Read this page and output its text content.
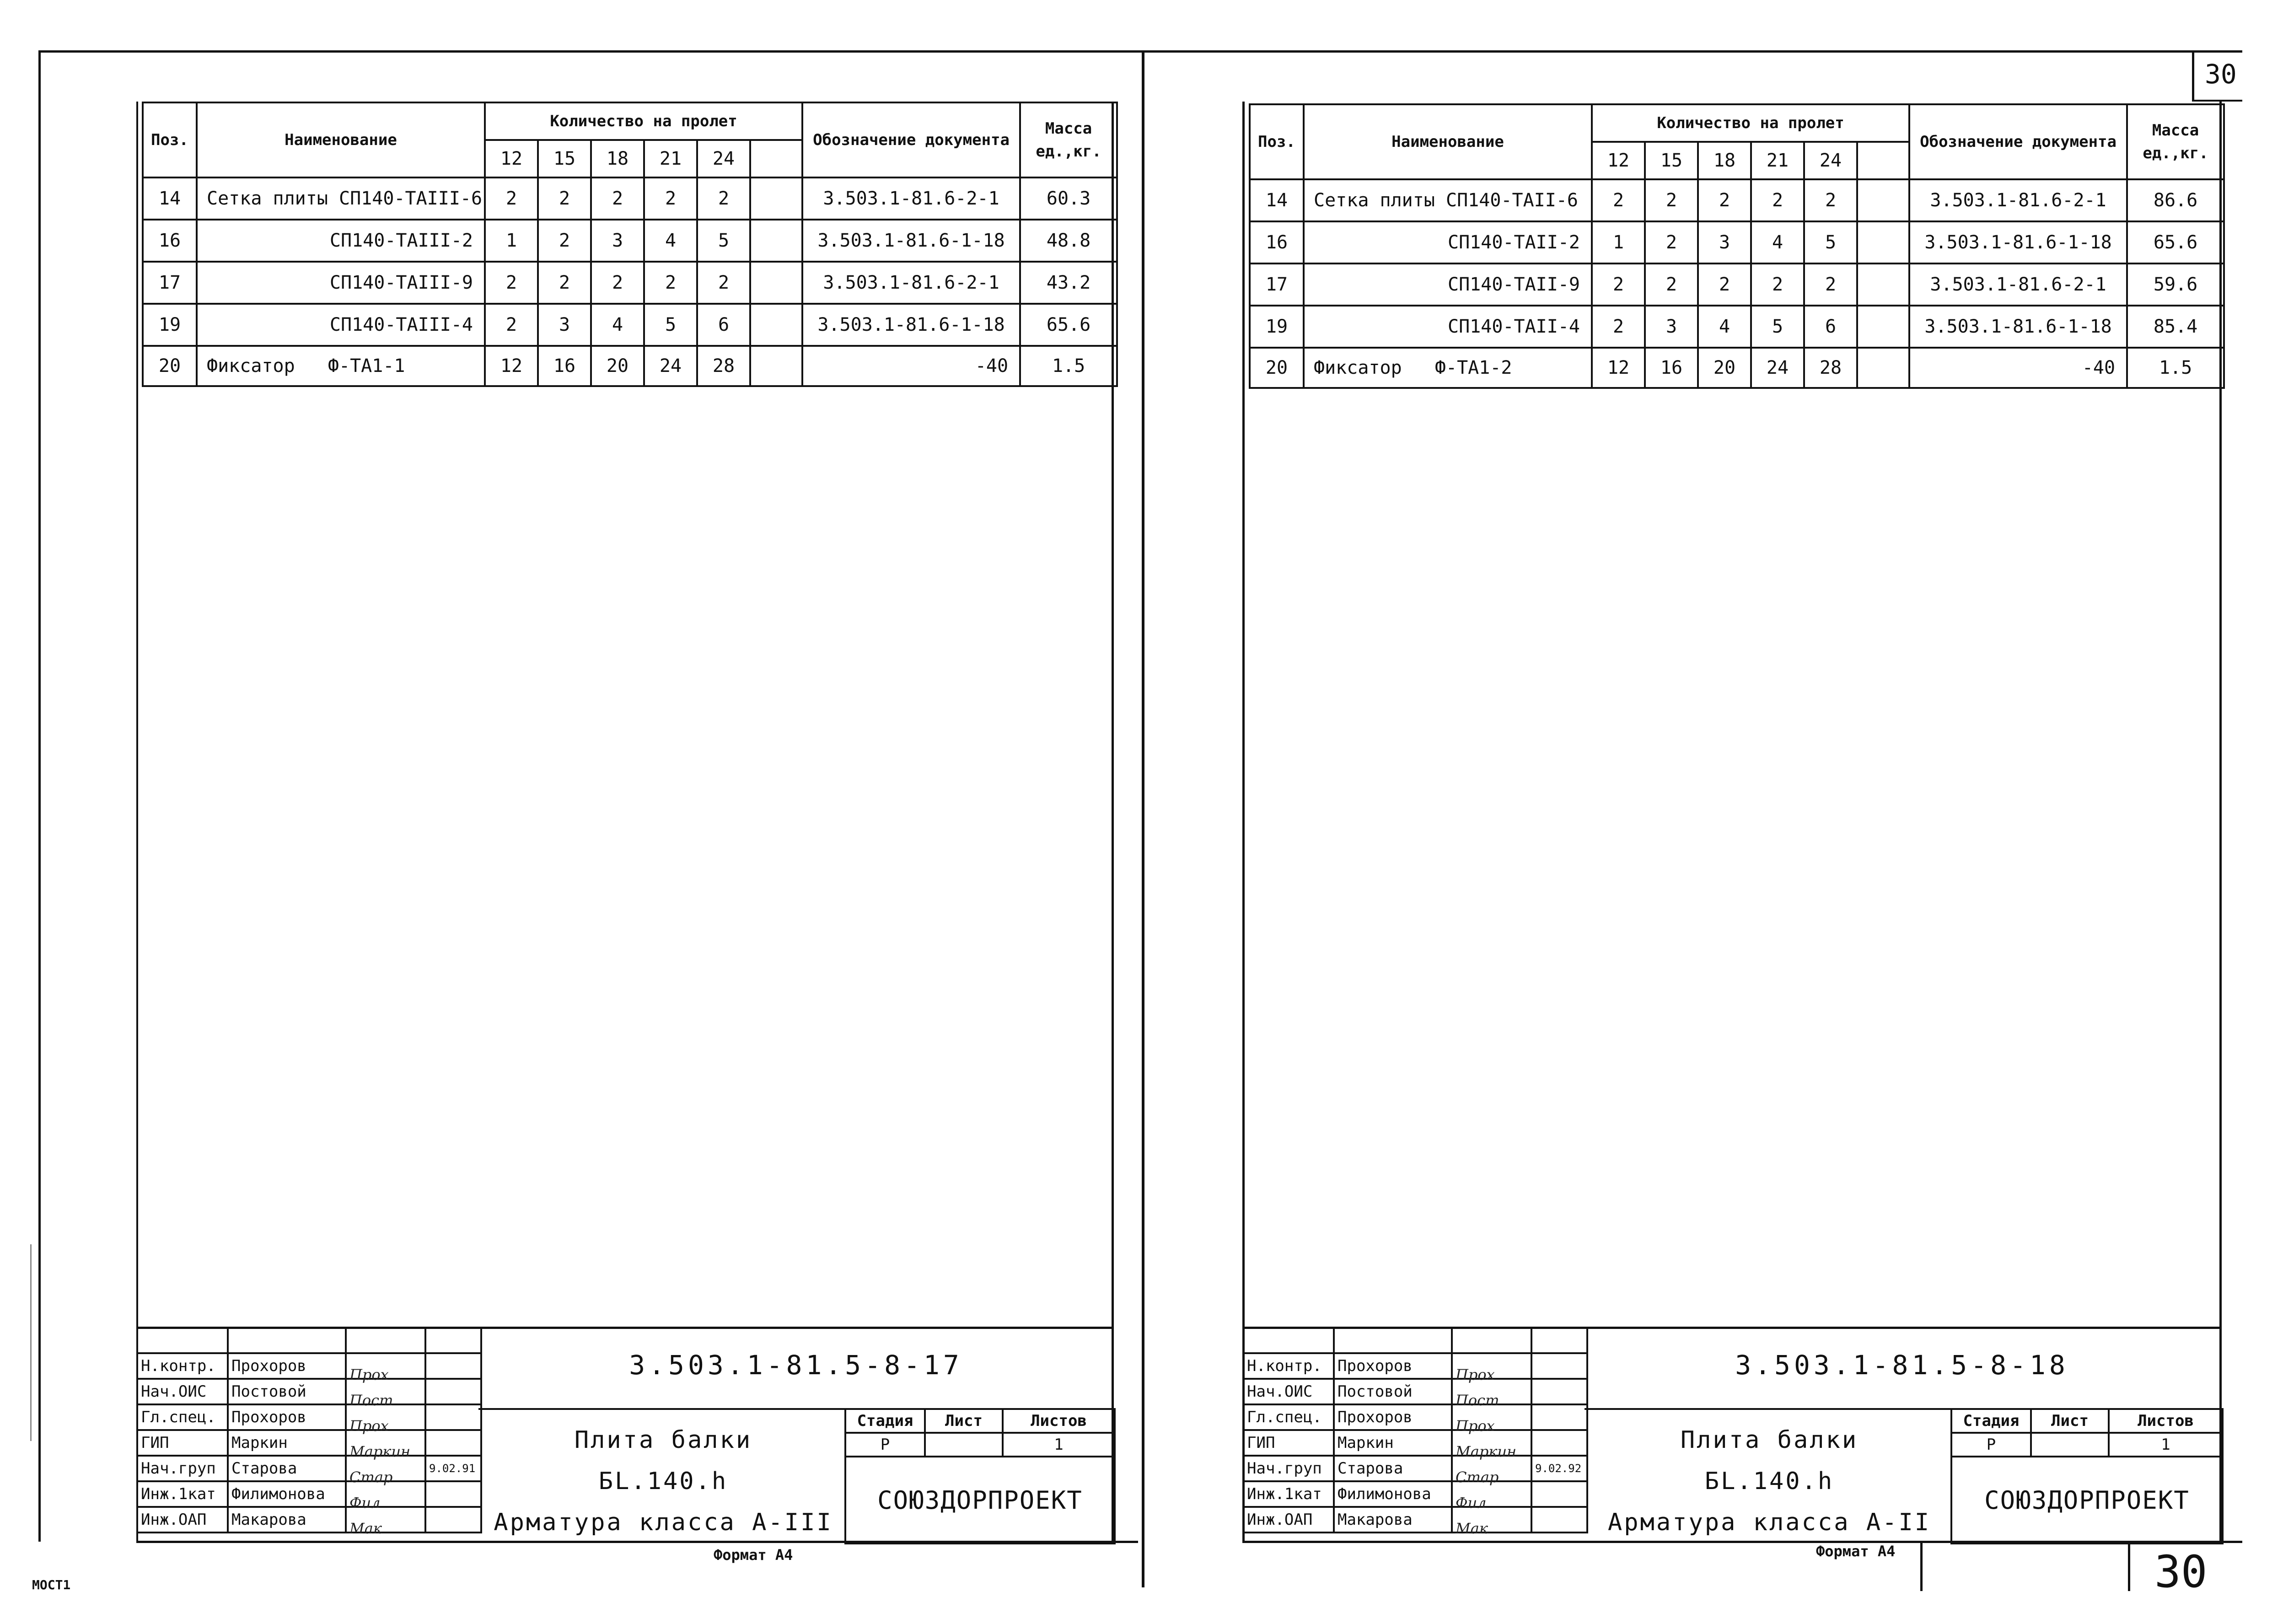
Поз.	Наименование	Количество на пролет						Обозначение документа	Масса ед.,кг.
		12	15	18	21	24			
14	Сетка плиты СП140-ТАIII-6	2	2	2	2	2		3.503.1-81.6-2-1	60.3
16	СП140-ТАIII-2	1	2	3	4	5		3.503.1-81.6-1-18	48.8
17	СП140-ТАIII-9	2	2	2	2	2		3.503.1-81.6-2-1	43.2
19	СП140-ТАIII-4	2	3	4	5	6		3.503.1-81.6-1-18	65.6
20	Фиксатор Ф-ТА1-1	12	16	20	24	28		-40	1.5

Н.контр.	Прохоров	Прох	

Нач.ОИС	Постовой	Пост	

Гл.спец.	Прохоров	Прох	

ГИП	Маркин	Маркин	

Нач.груп	Старова	Стар	9.02.91
Инж.1кат	Филимонова	Фил	

Инж.ОАП	Макарова	Мак	

3.503.1-81.5-8-17
Плита балки
БL.140.h
Арматура класса А-III
Стадия	Лист	Листов
Р		1
СОЮЗДОРПРОЕКТ		
Формат А4
МОСТ1
30
Поз.	Наименование	Количество на пролет						Обозначение документа	Масса ед.,кг.
		12	15	18	21	24			
14	Сетка плиты СП140-ТАII-6	2	2	2	2	2		3.503.1-81.6-2-1	86.6
16	СП140-ТАII-2	1	2	3	4	5		3.503.1-81.6-1-18	65.6
17	СП140-ТАII-9	2	2	2	2	2		3.503.1-81.6-2-1	59.6
19	СП140-ТАII-4	2	3	4	5	6		3.503.1-81.6-1-18	85.4
20	Фиксатор Ф-ТА1-2	12	16	20	24	28		-40	1.5

Н.контр.	Прохоров	Прох	

Нач.ОИС	Постовой	Пост	

Гл.спец.	Прохоров	Прох	

ГИП	Маркин	Маркин	

Нач.груп	Старова	Стар	9.02.92
Инж.1кат	Филимонова	Фил	

Инж.ОАП	Макарова	Мак	

3.503.1-81.5-8-18
Плита балки
БL.140.h
Арматура класса А-II
Стадия	Лист	Листов
Р		1
СОЮЗДОРПРОЕКТ		
Формат А4	30
